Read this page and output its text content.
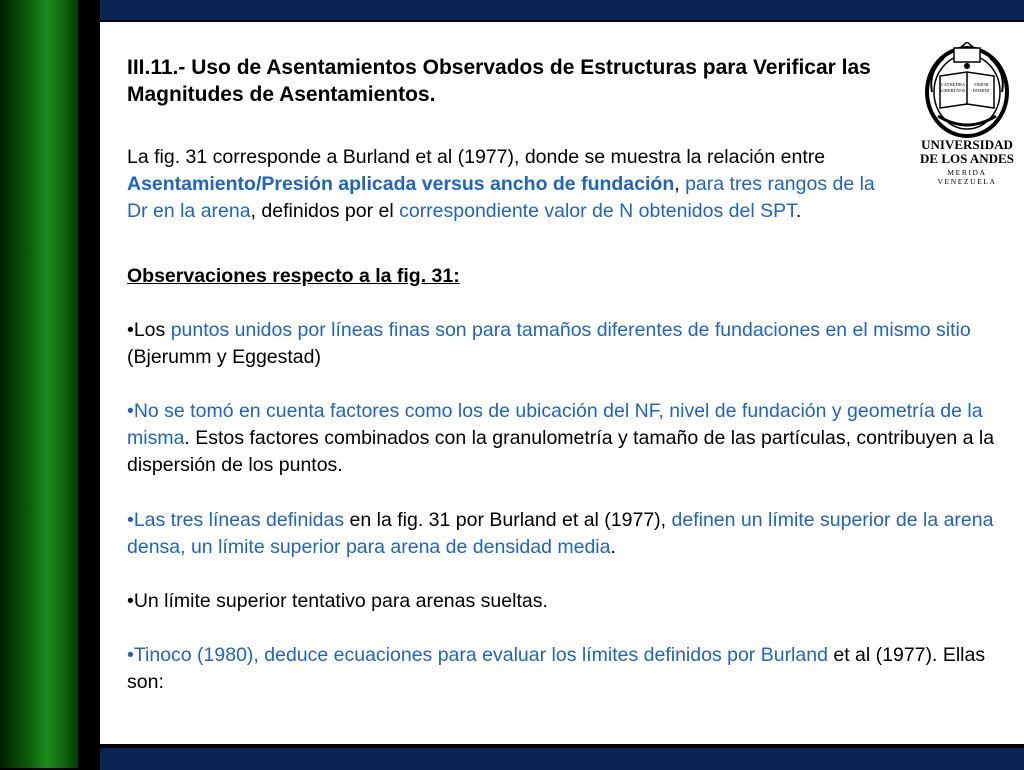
III.11.- Uso de Asentamientos Observados de Estructuras para Verificar las Magnitudes de Asentamientos.
La fig. 31 corresponde a Burland et al (1977), donde se muestra la relación entre Asentamiento/Presión aplicada versus ancho de fundación, para tres rangos de la Dr en la arena, definidos por el correspondiente valor de N obtenidos del SPT.
Observaciones respecto a la fig. 31:
•Los puntos unidos por líneas finas son para tamaños diferentes de fundaciones en el mismo sitio (Bjerumm y Eggestad)
•No se tomó en cuenta factores como los de ubicación del NF, nivel de fundación y geometría de la misma. Estos factores combinados con la granulometría y tamaño de las partículas, contribuyen a la dispersión de los puntos.
•Las tres líneas definidas en la fig. 31 por Burland et al (1977), definen un límite superior de la arena densa, un límite superior para arena de densidad media.
•Un límite superior tentativo para arenas sueltas.
•Tinoco (1980), deduce ecuaciones para evaluar los límites definidos por Burland et al (1977). Ellas son:
CATHEDRA
LIBERTATIS
TIMOR
DOMINI
UNIVERSIDAD
DE LOS ANDES
MERIDA VENEZUELA
